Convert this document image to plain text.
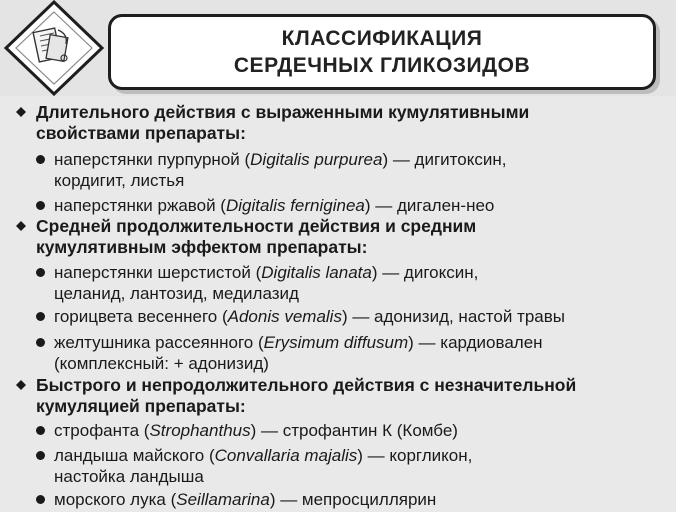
КЛАССИФИКАЦИЯ
СЕРДЕЧНЫХ ГЛИКОЗИДОВ
Длительного действия с выраженными кумулятивными
свойствами препараты:
наперстянки пурпурной (Digitalis purpurea) — дигитоксин,
кордигит, листья
наперстянки ржавой (Digitalis ferniginea) — дигален-нео
Средней продолжительности действия и средним
кумулятивным эффектом препараты:
наперстянки шерстистой (Digitalis lanata) — дигоксин,
целанид, лантозид, медилазид
горицвета весеннего (Adonis vemalis) — адонизид, настой травы
желтушника рассеянного (Erysimum diffusum) — кардиовален
(комплексный: + адонизид)
Быстрого и непродолжительного действия с незначительной
кумуляцией препараты:
строфанта (Strophanthus) — строфантин К (Комбе)
ландыша майского (Convallaria majalis) — коргликон,
настойка ландыша
морского лука (Seillamarina) — мепросциллярин
